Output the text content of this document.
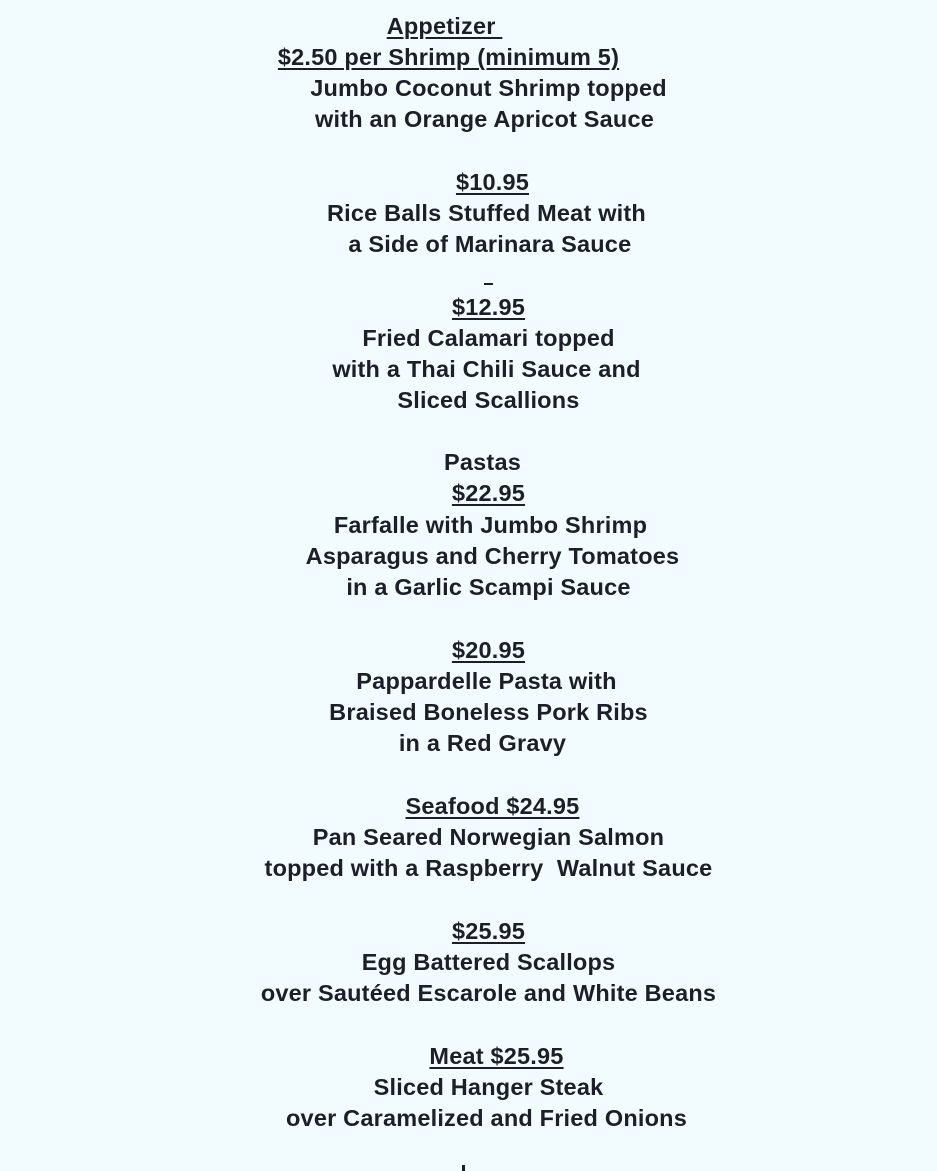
Appetizer
$2.50 per Shrimp (minimum 5)
Jumbo Coconut Shrimp topped
with an Orange Apricot Sauce
$10.95
Rice Balls Stuffed Meat with
a Side of Marinara Sauce
$12.95
Fried Calamari topped
with a Thai Chili Sauce and
Sliced Scallions
Pastas
$22.95
Farfalle with Jumbo Shrimp
Asparagus and Cherry Tomatoes
in a Garlic Scampi Sauce
$20.95
Pappardelle Pasta with
Braised Boneless Pork Ribs
in a Red Gravy
Seafood $24.95
Pan Seared Norwegian Salmon
topped with a Raspberry  Walnut Sauce
$25.95
Egg Battered Scallops
over Sautéed Escarole and White Beans
Meat $25.95
Sliced Hanger Steak
over Caramelized and Fried Onions
